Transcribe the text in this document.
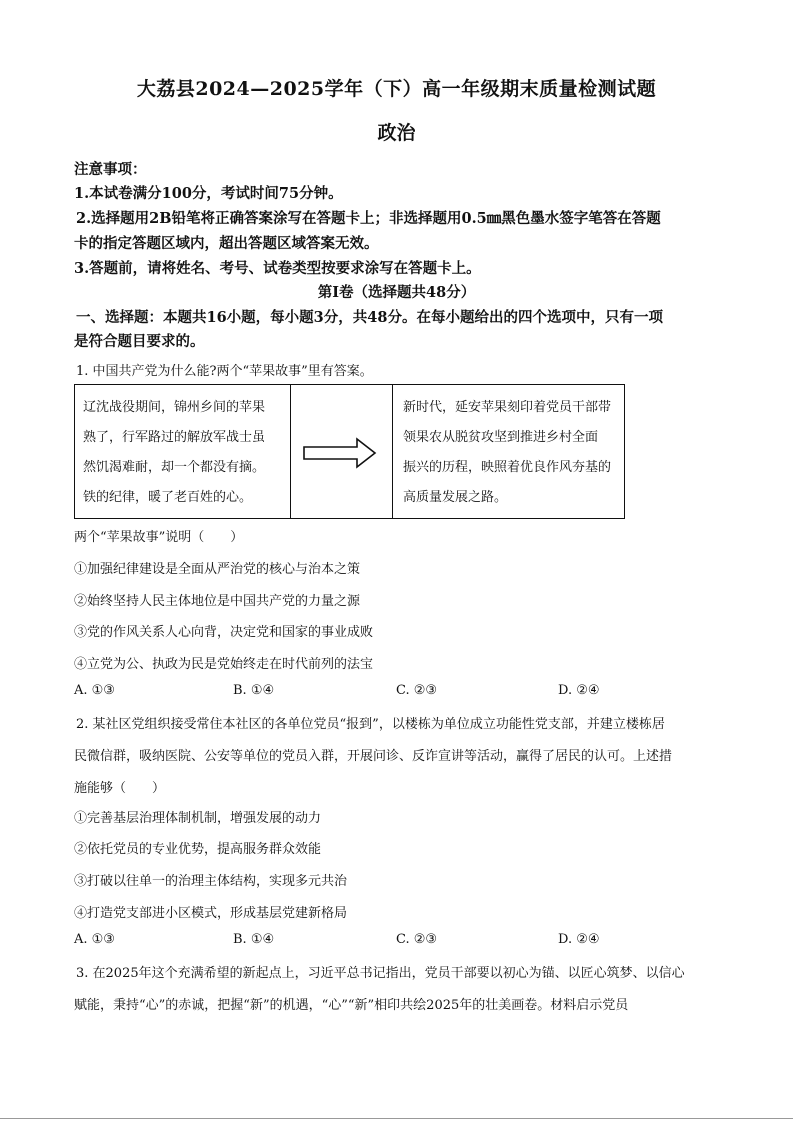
大荔县2024—2025学年（下）高一年级期末质量检测试题
政治
注意事项：
1.本试卷满分100分，考试时间75分钟。
2.选择题用2B铅笔将正确答案涂写在答题卡上；非选择题用0.5㎜黑色墨水签字笔答在答题
卡的指定答题区域内，超出答题区域答案无效。
3.答题前，请将姓名、考号、试卷类型按要求涂写在答题卡上。
第Ⅰ卷（选择题共48分）
一、选择题：本题共16小题，每小题3分，共48分。在每小题给出的四个选项中，只有一项
是符合题目要求的。
1. 中国共产党为什么能?两个“苹果故事”里有答案。
辽沈战役期间，锦州乡间的苹果
熟了，行军路过的解放军战士虽
然饥渴难耐，却一个都没有摘。
铁的纪律，暖了老百姓的心。
新时代，延安苹果刻印着党员干部带
领果农从脱贫攻坚到推进乡村全面
振兴的历程，映照着优良作风夯基的
高质量发展之路。
两个“苹果故事”说明（　　）
①加强纪律建设是全面从严治党的核心与治本之策
②始终坚持人民主体地位是中国共产党的力量之源
③党的作风关系人心向背，决定党和国家的事业成败
④立党为公、执政为民是党始终走在时代前列的法宝
A. ①③	B. ①④	C. ②③	D. ②④
2. 某社区党组织接受常住本社区的各单位党员“报到”，以楼栋为单位成立功能性党支部，并建立楼栋居
民微信群，吸纳医院、公安等单位的党员入群，开展问诊、反诈宣讲等活动，赢得了居民的认可。上述措
施能够（　　）
①完善基层治理体制机制，增强发展的动力
②依托党员的专业优势，提高服务群众效能
③打破以往单一的治理主体结构，实现多元共治
④打造党支部进小区模式，形成基层党建新格局
A. ①③	B. ①④	C. ②③	D. ②④
3. 在2025年这个充满希望的新起点上，习近平总书记指出，党员干部要以初心为锚、以匠心筑梦、以信心
赋能，秉持“心”的赤诚，把握“新”的机遇，“心”“新”相印共绘2025年的壮美画卷。材料启示党员
